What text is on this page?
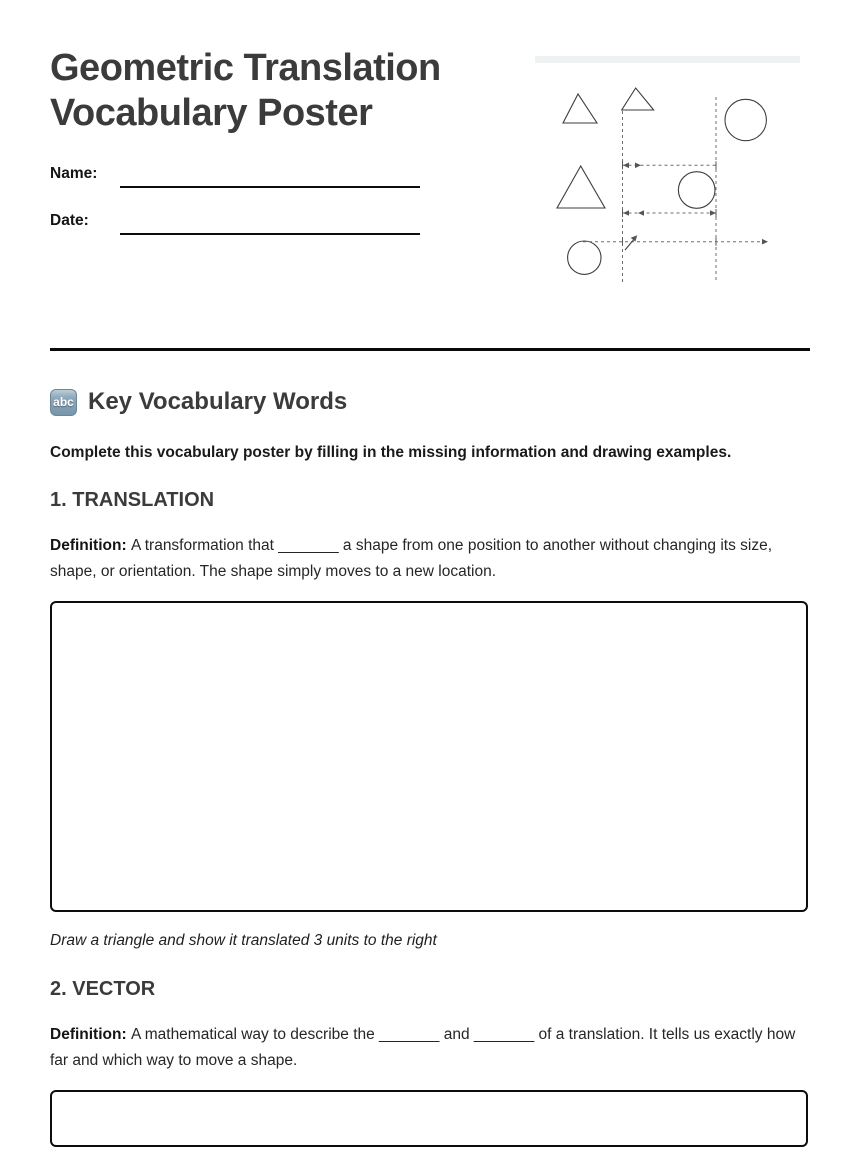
Geometric Translation
Vocabulary Poster
Name:
Date:
abc Key Vocabulary Words
Complete this vocabulary poster by filling in the missing information and drawing examples.
1. TRANSLATION

Definition: A transformation that _______ a shape from one position to another without changing its size, shape, or orientation. The shape simply moves to a new location.

Draw a triangle and show it translated 3 units to the right
2. VECTOR

Definition: A mathematical way to describe the _______ and _______ of a translation. It tells us exactly how far and which way to move a shape.
